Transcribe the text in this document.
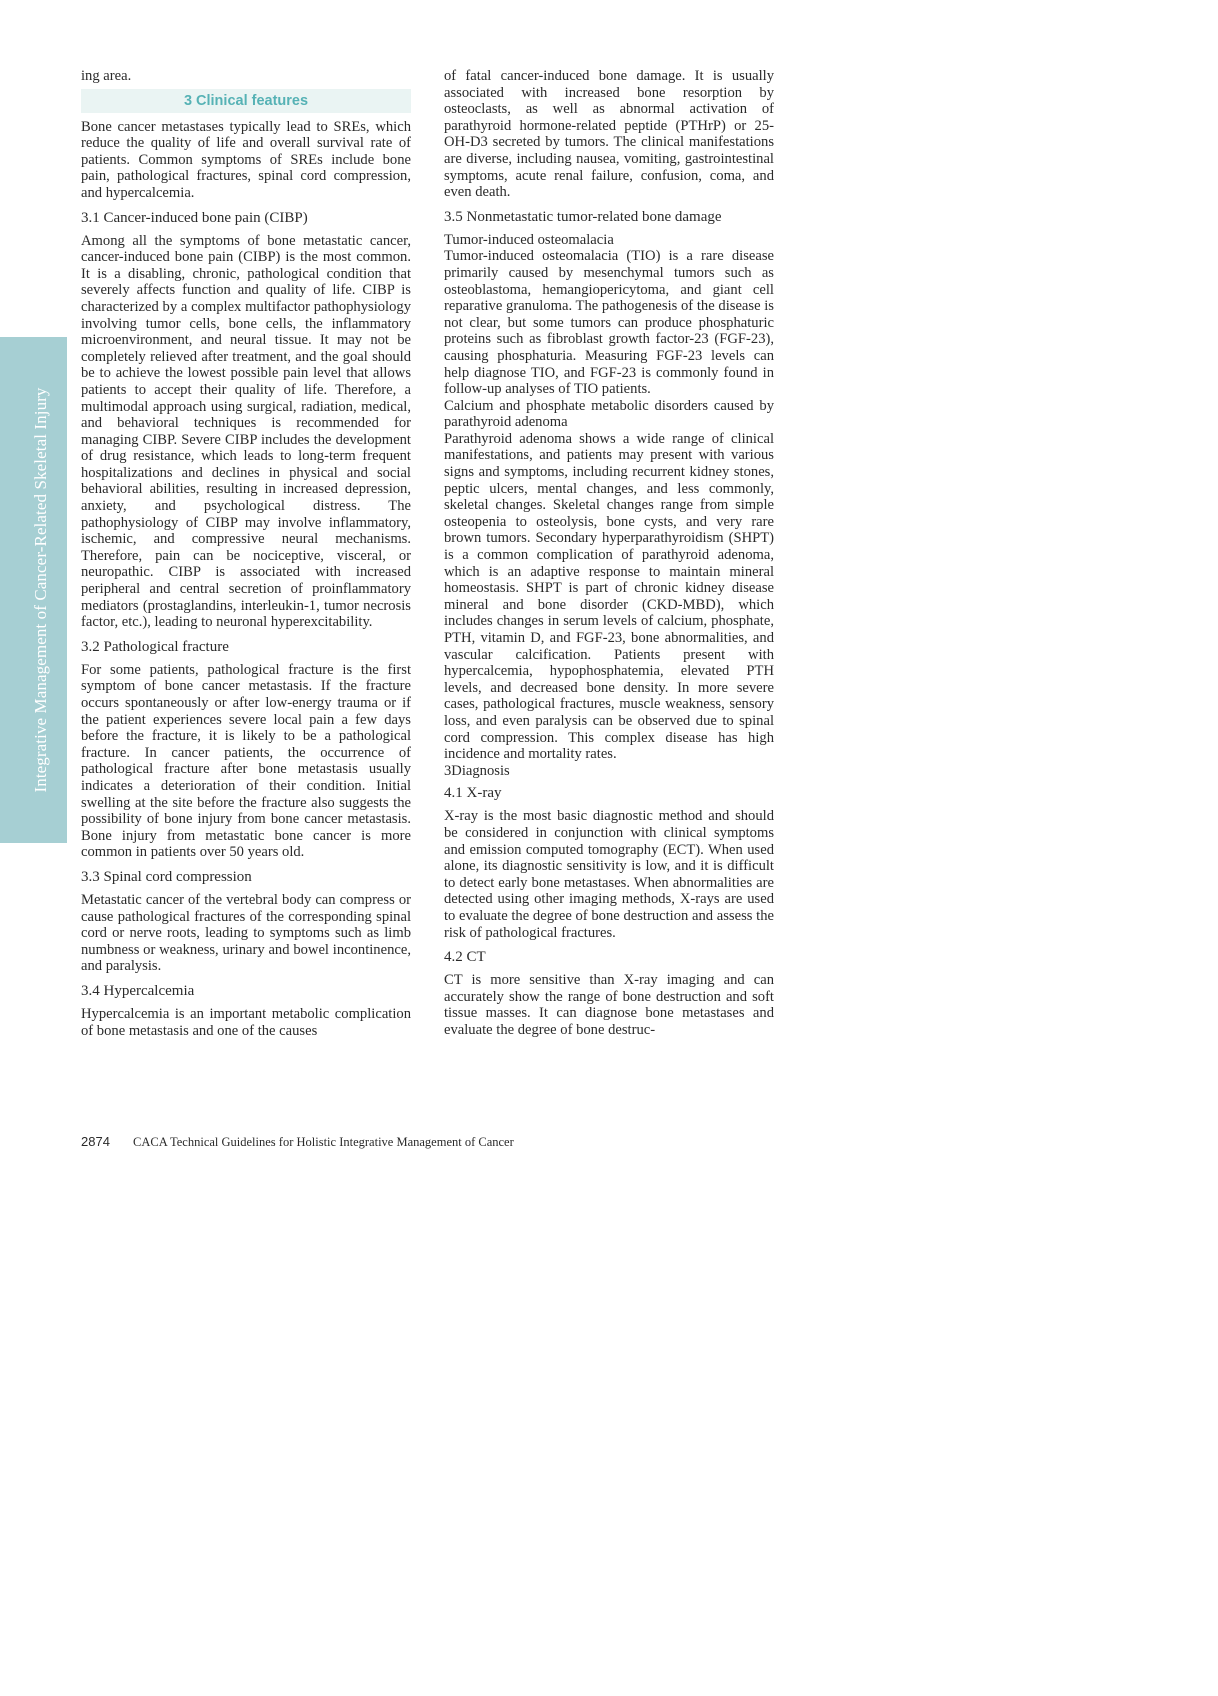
Integrative Management of Cancer-Related Skeletal Injury

ing area.

3 Clinical features

Bone cancer metastases typically lead to SREs, which reduce the quality of life and overall survival rate of patients. Common symptoms of SREs include bone pain, pathological fractures, spinal cord compression, and hypercalcemia.

3.1 Cancer-induced bone pain (CIBP)

Among all the symptoms of bone metastatic cancer, cancer-induced bone pain (CIBP) is the most common. It is a disabling, chronic, pathological condition that severely affects function and quality of life. CIBP is characterized by a complex multifactor pathophysiology involving tumor cells, bone cells, the inflammatory microenvironment, and neural tissue. It may not be completely relieved after treatment, and the goal should be to achieve the lowest possible pain level that allows patients to accept their quality of life. Therefore, a multimodal approach using surgical, radiation, medical, and behavioral techniques is recommended for managing CIBP. Severe CIBP includes the development of drug resistance, which leads to long-term frequent hospitalizations and declines in physical and social behavioral abilities, resulting in increased depression, anxiety, and psychological distress. The pathophysiology of CIBP may involve inflammatory, ischemic, and compressive neural mechanisms. Therefore, pain can be nociceptive, visceral, or neuropathic. CIBP is associated with increased peripheral and central secretion of proinflammatory mediators (prostaglandins, interleukin-1, tumor necrosis factor, etc.), leading to neuronal hyperexcitability.

3.2 Pathological fracture

For some patients, pathological fracture is the first symptom of bone cancer metastasis. If the fracture occurs spontaneously or after low-energy trauma or if the patient experiences severe local pain a few days before the fracture, it is likely to be a pathological fracture. In cancer patients, the occurrence of pathological fracture after bone metastasis usually indicates a deterioration of their condition. Initial swelling at the site before the fracture also suggests the possibility of bone injury from bone cancer metastasis. Bone injury from metastatic bone cancer is more common in patients over 50 years old.

3.3 Spinal cord compression

Metastatic cancer of the vertebral body can compress or cause pathological fractures of the corresponding spinal cord or nerve roots, leading to symptoms such as limb numbness or weakness, urinary and bowel incontinence, and paralysis.

3.4 Hypercalcemia

Hypercalcemia is an important metabolic complication of bone metastasis and one of the causes

of fatal cancer-induced bone damage. It is usually associated with increased bone resorption by osteoclasts, as well as abnormal activation of parathyroid hormone-related peptide (PTHrP) or 25-OH-D3 secreted by tumors. The clinical manifestations are diverse, including nausea, vomiting, gastrointestinal symptoms, acute renal failure, confusion, coma, and even death.

3.5 Nonmetastatic tumor-related bone damage
Tumor-induced osteomalacia

Tumor-induced osteomalacia (TIO) is a rare disease primarily caused by mesenchymal tumors such as osteoblastoma, hemangiopericytoma, and giant cell reparative granuloma. The pathogenesis of the disease is not clear, but some tumors can produce phosphaturic proteins such as fibroblast growth factor-23 (FGF-23), causing phosphaturia. Measuring FGF-23 levels can help diagnose TIO, and FGF-23 is commonly found in follow-up analyses of TIO patients.

Calcium and phosphate metabolic disorders caused by parathyroid adenoma

Parathyroid adenoma shows a wide range of clinical manifestations, and patients may present with various signs and symptoms, including recurrent kidney stones, peptic ulcers, mental changes, and less commonly, skeletal changes. Skeletal changes range from simple osteopenia to osteolysis, bone cysts, and very rare brown tumors. Secondary hyperparathyroidism (SHPT) is a common complication of parathyroid adenoma, which is an adaptive response to maintain mineral homeostasis. SHPT is part of chronic kidney disease mineral and bone disorder (CKD-MBD), which includes changes in serum levels of calcium, phosphate, PTH, vitamin D, and FGF-23, bone abnormalities, and vascular calcification. Patients present with hypercalcemia, hypophosphatemia, elevated PTH levels, and decreased bone density. In more severe cases, pathological fractures, muscle weakness, sensory loss, and even paralysis can be observed due to spinal cord compression. This complex disease has high incidence and mortality rates.

3Diagnosis
4.1 X-ray

X-ray is the most basic diagnostic method and should be considered in conjunction with clinical symptoms and emission computed tomography (ECT). When used alone, its diagnostic sensitivity is low, and it is difficult to detect early bone metastases. When abnormalities are detected using other imaging methods, X-rays are used to evaluate the degree of bone destruction and assess the risk of pathological fractures.

4.2 CT

CT is more sensitive than X-ray imaging and can accurately show the range of bone destruction and soft tissue masses. It can diagnose bone metastases and evaluate the degree of bone destruc-

2874 CACA Technical Guidelines for Holistic Integrative Management of Cancer
